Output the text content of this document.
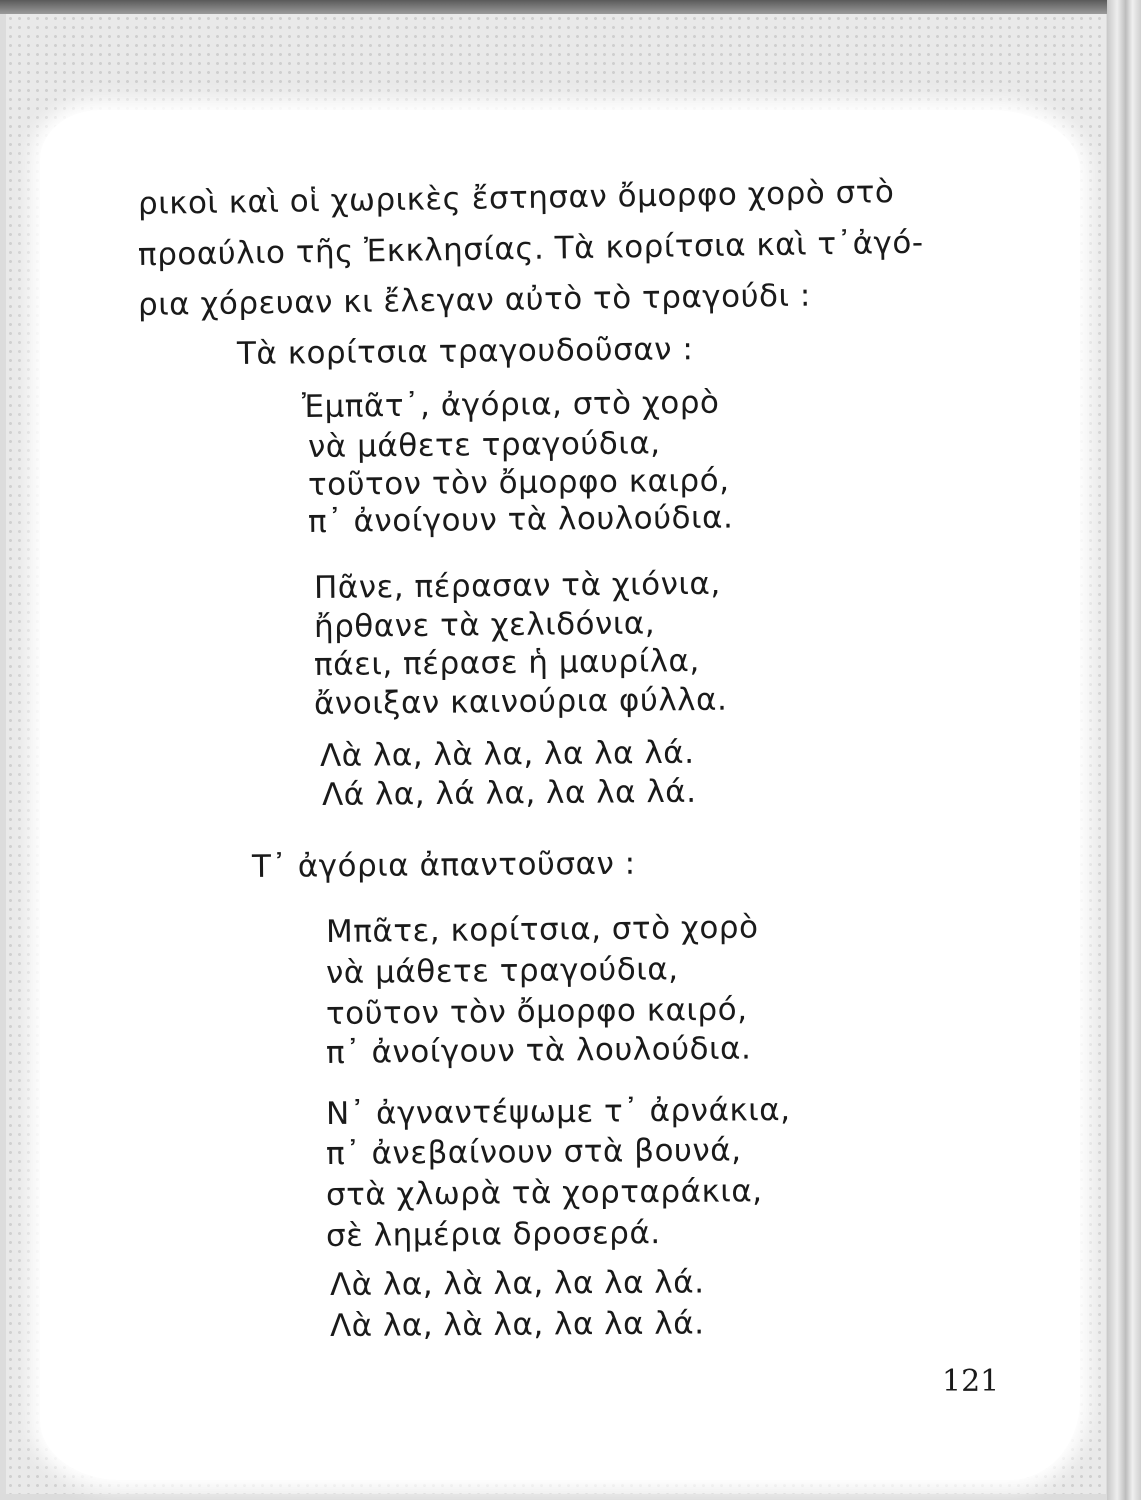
ρικοὶ καὶ οἱ χωρικὲς ἔστησαν ὄμορφο χορὸ στὸ
προαύλιο τῆς Ἐκκλησίας. Τὰ κορίτσια καὶ τ᾽ἀγό-
ρια χόρευαν κι ἔλεγαν αὐτὸ τὸ τραγούδι :
Τὰ κορίτσια τραγουδοῦσαν :
Ἐμπᾶτ᾽, ἀγόρια, στὸ χορὸ
νὰ μάθετε τραγούδια,
τοῦτον τὸν ὄμορφο καιρό,
π᾽ ἀνοίγουν τὰ λουλούδια.
Πᾶνε, πέρασαν τὰ χιόνια,
ἤρθανε τὰ χελιδόνια,
πάει, πέρασε ἡ μαυρίλα,
ἄνοιξαν καινούρια φύλλα.
Λὰ λα, λὰ λα, λα λα λά.
Λά λα, λά λα, λα λα λά.
Τ᾽ ἀγόρια ἀπαντοῦσαν :
Μπᾶτε, κορίτσια, στὸ χορὸ
νὰ μάθετε τραγούδια,
τοῦτον τὸν ὄμορφο καιρό,
π᾽ ἀνοίγουν τὰ λουλούδια.
Ν᾽ ἀγναντέψωμε τ᾽ ἀρνάκια,
π᾽ ἀνεβαίνουν στὰ βουνά,
στὰ χλωρὰ τὰ χορταράκια,
σὲ λημέρια δροσερά.
Λὰ λα, λὰ λα, λα λα λά.
Λὰ λα, λὰ λα, λα λα λά.
121
